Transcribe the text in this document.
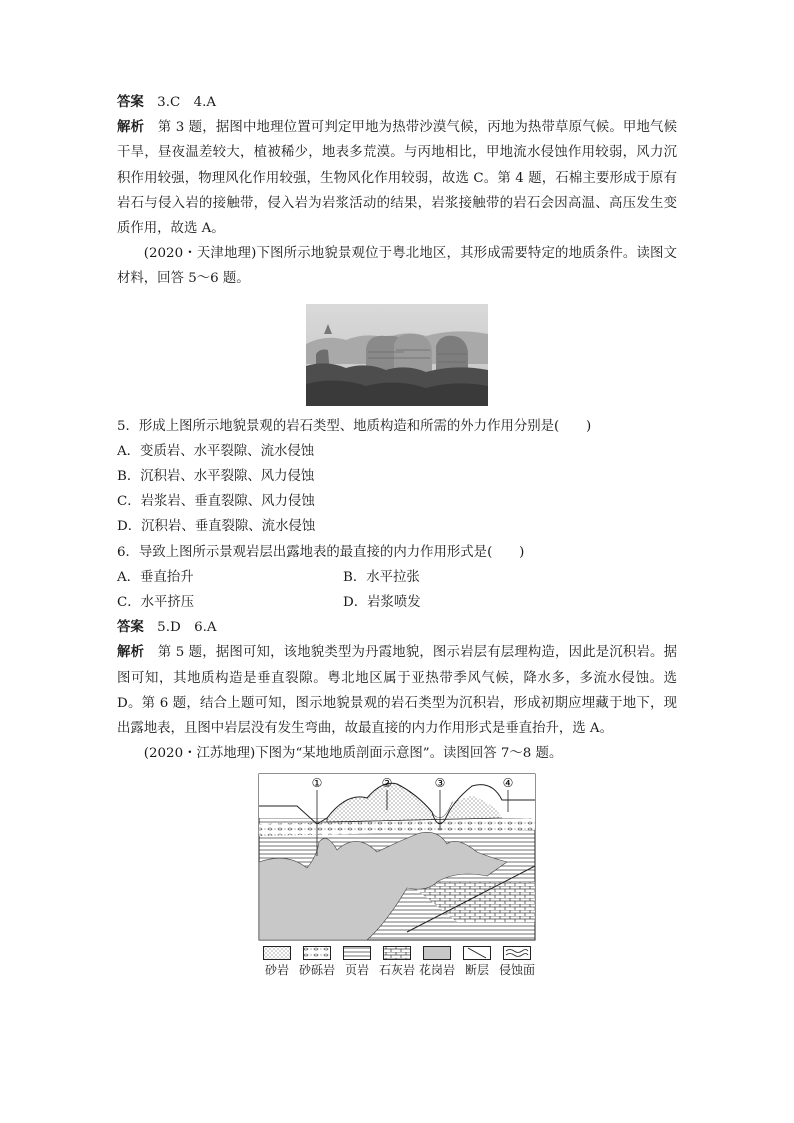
答案　 3.C　4.A

解析　 第 3 题，据图中地理位置可判定甲地为热带沙漠气候，丙地为热带草原气候。甲地气候干旱，昼夜温差较大，植被稀少，地表多荒漠。与丙地相比，甲地流水侵蚀作用较弱，风力沉积作用较强，物理风化作用较强，生物风化作用较弱，故选 C。第 4 题，石棉主要形成于原有岩石与侵入岩的接触带，侵入岩为岩浆活动的结果，岩浆接触带的岩石会因高温、高压发生变质作用，故选 A。

(2020・天津地理)下图所示地貌景观位于粤北地区，其形成需要特定的地质条件。读图文材料，回答 5～6 题。

5．形成上图所示地貌景观的岩石类型、地质构造和所需的外力作用分别是(　　)

A．变质岩、水平裂隙、流水侵蚀

B．沉积岩、水平裂隙、风力侵蚀

C．岩浆岩、垂直裂隙、风力侵蚀

D．沉积岩、垂直裂隙、流水侵蚀

6．导致上图所示景观岩层出露地表的最直接的内力作用形式是(　　)

A．垂直抬升	B．水平拉张
C．水平挤压	D．岩浆喷发

答案　 5.D　6.A

解析　 第 5 题，据图可知，该地貌类型为丹霞地貌，图示岩层有层理构造，因此是沉积岩。据图可知，其地质构造是垂直裂隙。粤北地区属于亚热带季风气候，降水多，多流水侵蚀。选 D。第 6 题，结合上题可知，图示地貌景观的岩石类型为沉积岩，形成初期应埋藏于地下，现出露地表，且图中岩层没有发生弯曲，故最直接的内力作用形式是垂直抬升，选 A。

(2020・江苏地理)下图为“某地地质剖面示意图”。读图回答 7～8 题。

①	②	③	④
砂岩 砂砾岩 页岩 石灰岩 花岗岩 断层 侵蚀面
